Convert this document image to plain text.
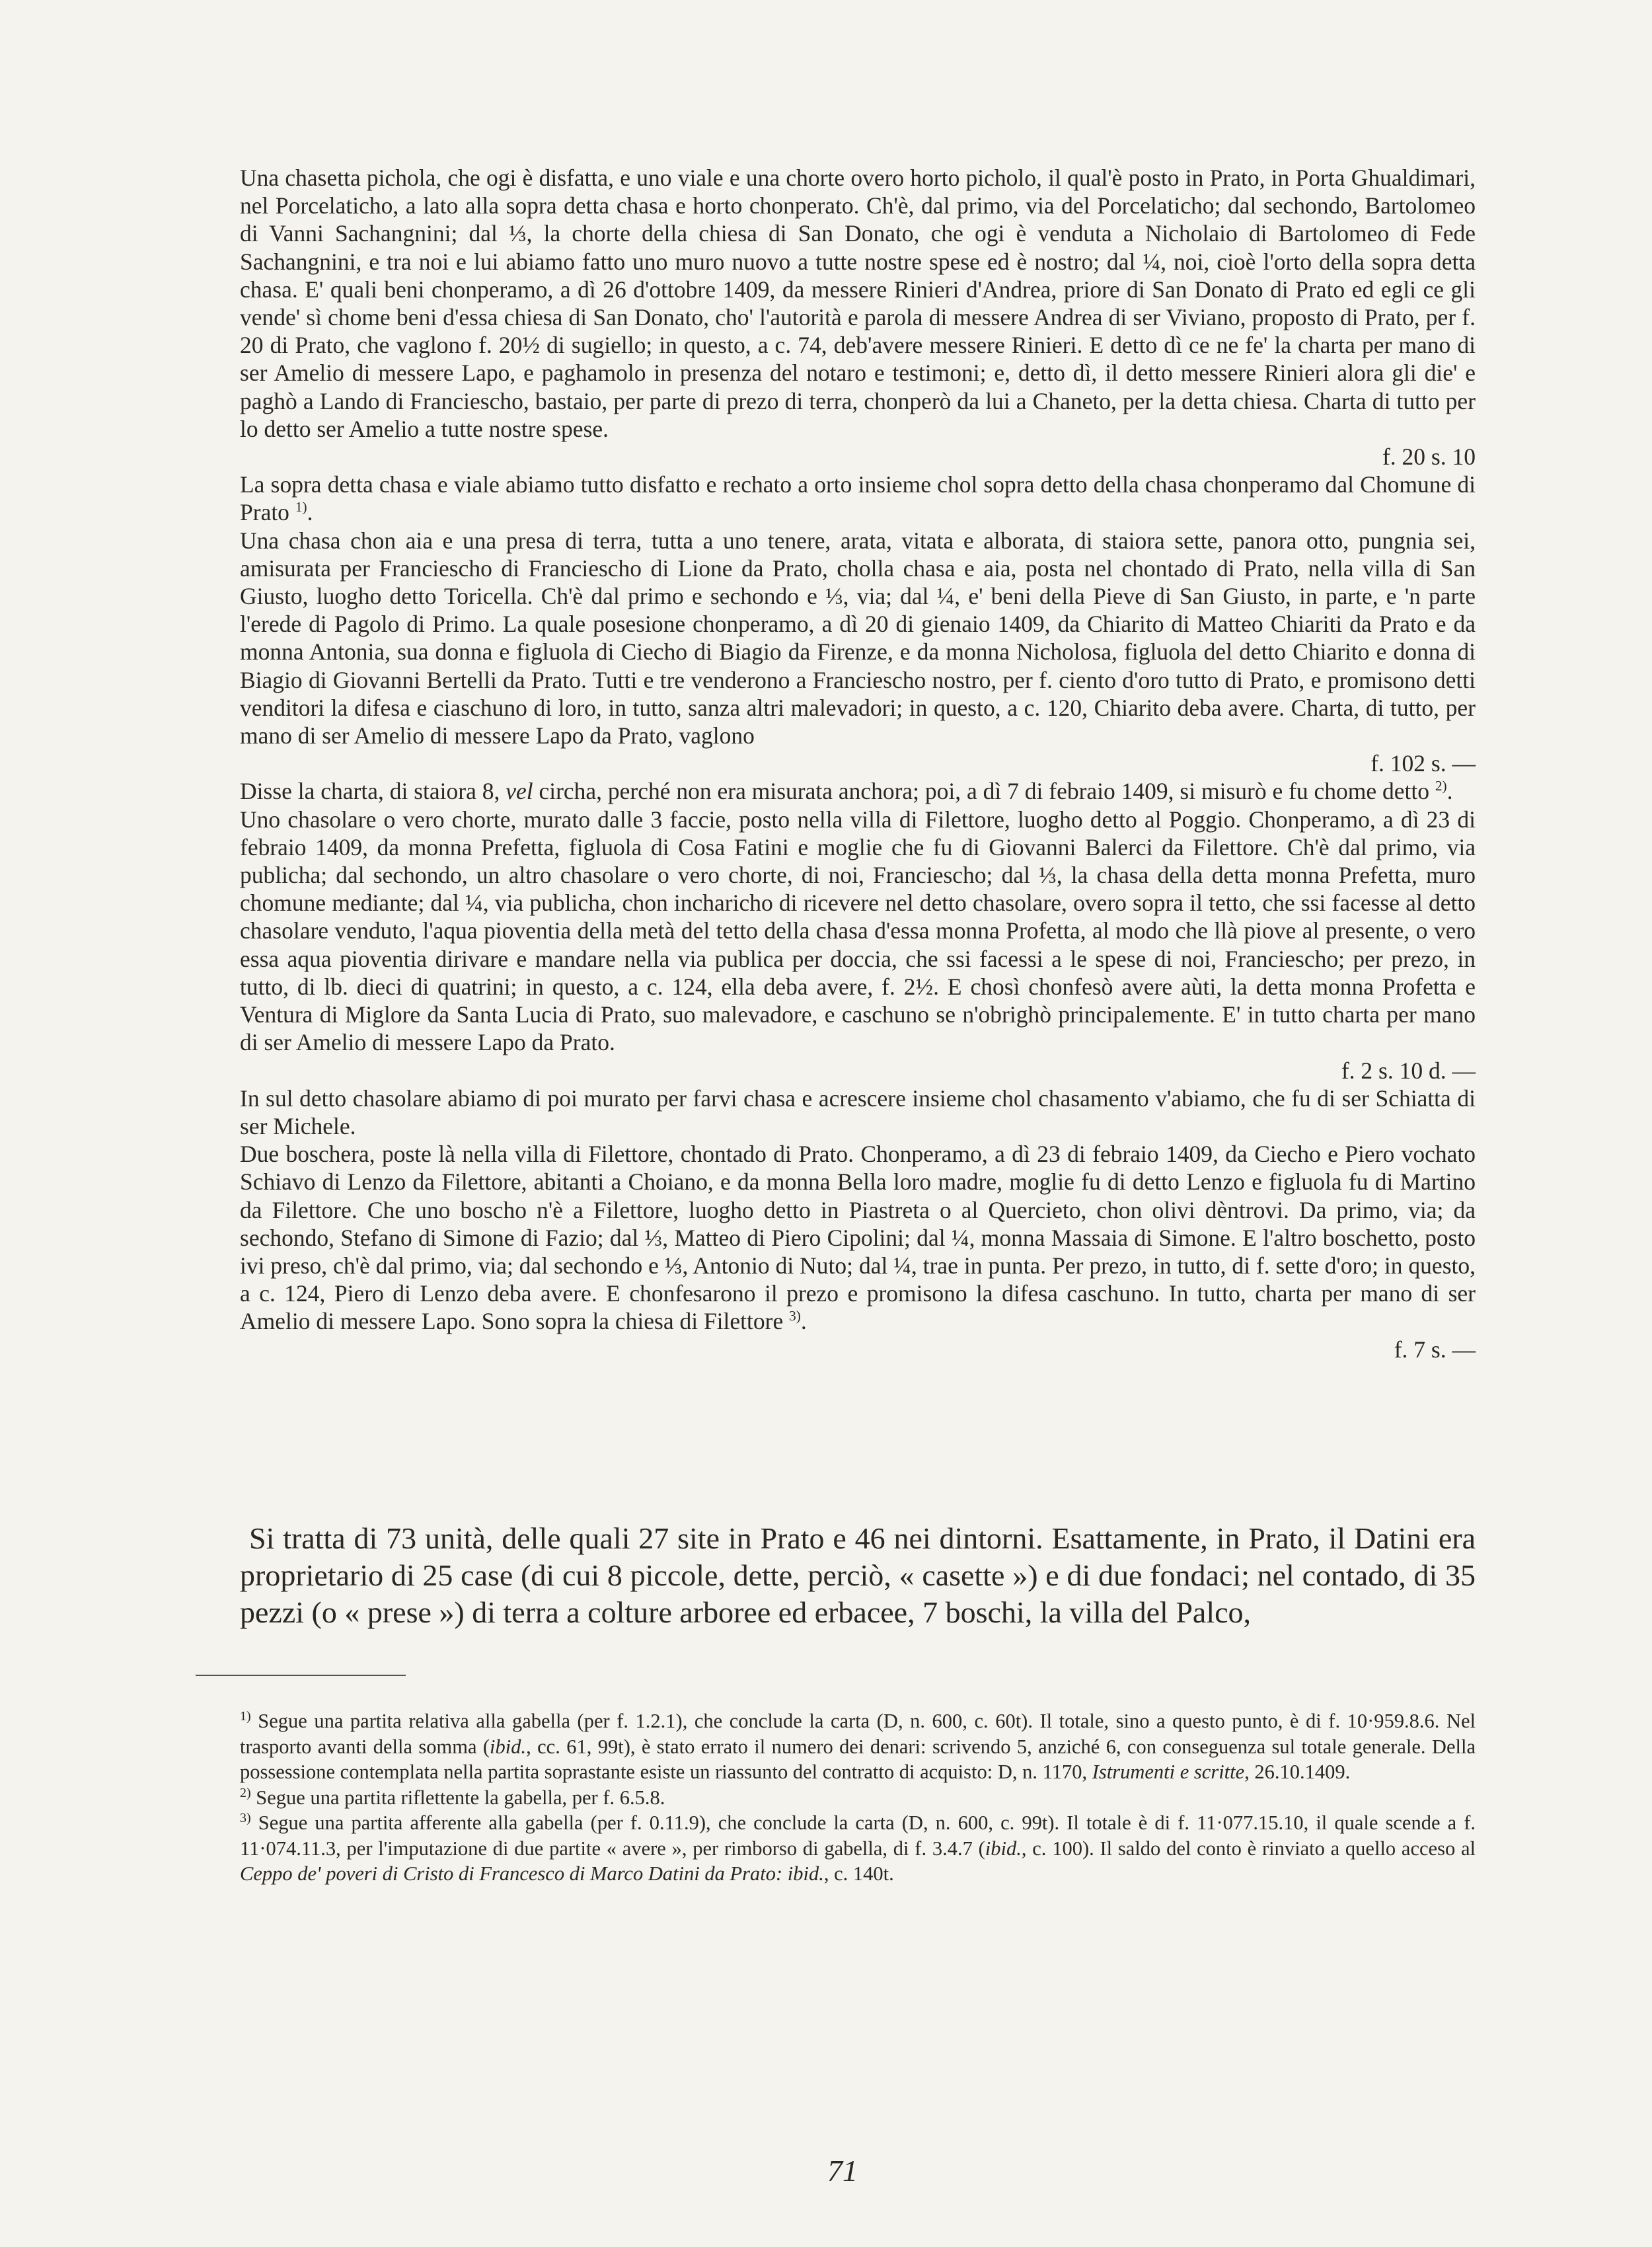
Una chasetta pichola, che ogi è disfatta, e uno viale e una chorte overo horto picholo, il qual'è posto in Prato, in Porta Ghualdimari, nel Porcelaticho, a lato alla sopra detta chasa e horto chonperato. Ch'è, dal primo, via del Porcelaticho; dal sechondo, Bartolomeo di Vanni Sachangnini; dal ⅓, la chorte della chiesa di San Donato, che ogi è venduta a Nicholaio di Bartolomeo di Fede Sachangnini, e tra noi e lui abiamo fatto uno muro nuovo a tutte nostre spese ed è nostro; dal ¼, noi, cioè l'orto della sopra detta chasa. E' quali beni chonperamo, a dì 26 d'ottobre 1409, da messere Rinieri d'Andrea, priore di San Donato di Prato ed egli ce gli vende' sì chome beni d'essa chiesa di San Donato, cho' l'autorità e parola di messere Andrea di ser Viviano, proposto di Prato, per f. 20 di Prato, che vaglono f. 20½ di sugiello; in questo, a c. 74, deb'avere messere Rinieri. E detto dì ce ne fe' la charta per mano di ser Amelio di messere Lapo, e paghamolo in presenza del notaro e testimoni; e, detto dì, il detto messere Rinieri alora gli die' e paghò a Lando di Franciescho, bastaio, per parte di prezo di terra, chonperò da lui a Chaneto, per la detta chiesa. Charta di tutto per lo detto ser Amelio a tutte nostre spese.
f. 20 s. 10

La sopra detta chasa e viale abiamo tutto disfatto e rechato a orto insieme chol sopra detto della chasa chonperamo dal Chomune di Prato $^{1)}$.

Una chasa chon aia e una presa di terra, tutta a uno tenere, arata, vitata e alborata, di staiora sette, panora otto, pungnia sei, amisurata per Franciescho di Franciescho di Lione da Prato, cholla chasa e aia, posta nel chontado di Prato, nella villa di San Giusto, luogho detto Toricella. Ch'è dal primo e sechondo e ⅓, via; dal ¼, e' beni della Pieve di San Giusto, in parte, e 'n parte l'erede di Pagolo di Primo. La quale posesione chonperamo, a dì 20 di gienaio 1409, da Chiarito di Matteo Chiariti da Prato e da monna Antonia, sua donna e figluola di Ciecho di Biagio da Firenze, e da monna Nicholosa, figluola del detto Chiarito e donna di Biagio di Giovanni Bertelli da Prato. Tutti e tre venderono a Franciescho nostro, per f. ciento d'oro tutto di Prato, e promisono detti venditori la difesa e ciaschuno di loro, in tutto, sanza altri malevadori; in questo, a c. 120, Chiarito deba avere. Charta, di tutto, per mano di ser Amelio di messere Lapo da Prato, vaglono
f. 102 s. —

Disse la charta, di staiora 8, vel circha, perché non era misurata anchora; poi, a dì 7 di febraio 1409, si misurò e fu chome detto $^{2)}$.

Uno chasolare o vero chorte, murato dalle 3 faccie, posto nella villa di Filettore, luogho detto al Poggio. Chonperamo, a dì 23 di febraio 1409, da monna Prefetta, figluola di Cosa Fatini e moglie che fu di Giovanni Balerci da Filettore. Ch'è dal primo, via publicha; dal sechondo, un altro chasolare o vero chorte, di noi, Franciescho; dal ⅓, la chasa della detta monna Prefetta, muro chomune mediante; dal ¼, via publicha, chon incharicho di ricevere nel detto chasolare, overo sopra il tetto, che ssi facesse al detto chasolare venduto, l'aqua pioventia della metà del tetto della chasa d'essa monna Profetta, al modo che llà piove al presente, o vero essa aqua pioventia dirivare e mandare nella via publica per doccia, che ssi facessi a le spese di noi, Franciescho; per prezo, in tutto, di lb. dieci di quatrini; in questo, a c. 124, ella deba avere, f. 2½. E chosì chonfesò avere aùti, la detta monna Profetta e Ventura di Miglore da Santa Lucia di Prato, suo malevadore, e caschuno se n'obrighò principalemente. E' in tutto charta per mano di ser Amelio di messere Lapo da Prato.
f. 2 s. 10 d. —

In sul detto chasolare abiamo di poi murato per farvi chasa e acrescere insieme chol chasamento v'abiamo, che fu di ser Schiatta di ser Michele.

Due boschera, poste là nella villa di Filettore, chontado di Prato. Chonperamo, a dì 23 di febraio 1409, da Ciecho e Piero vochato Schiavo di Lenzo da Filettore, abitanti a Choiano, e da monna Bella loro madre, moglie fu di detto Lenzo e figluola fu di Martino da Filettore. Che uno boscho n'è a Filettore, luogho detto in Piastreta o al Quercieto, chon olivi dèntrovi. Da primo, via; da sechondo, Stefano di Simone di Fazio; dal ⅓, Matteo di Piero Cipolini; dal ¼, monna Massaia di Simone. E l'altro boschetto, posto ivi preso, ch'è dal primo, via; dal sechondo e ⅓, Antonio di Nuto; dal ¼, trae in punta. Per prezo, in tutto, di f. sette d'oro; in questo, a c. 124, Piero di Lenzo deba avere. E chonfesarono il prezo e promisono la difesa caschuno. In tutto, charta per mano di ser Amelio di messere Lapo. Sono sopra la chiesa di Filettore $^{3)}$.
f. 7 s. —

Si tratta di 73 unità, delle quali 27 site in Prato e 46 nei dintorni. Esattamente, in Prato, il Datini era proprietario di 25 case (di cui 8 piccole, dette, perciò, « casette ») e di due fondaci; nel contado, di 35 pezzi (o « prese ») di terra a colture arboree ed erbacee, 7 boschi, la villa del Palco,

$^{1)}$ Segue una partita relativa alla gabella (per f. 1.2.1), che conclude la carta (D, n. 600, c. 60t). Il totale, sino a questo punto, è di f. 10·959.8.6. Nel trasporto avanti della somma (ibid., cc. 61, 99t), è stato errato il numero dei denari: scrivendo 5, anziché 6, con conseguenza sul totale generale. Della possessione contemplata nella partita soprastante esiste un riassunto del contratto di acquisto: D, n. 1170, Istrumenti e scritte, 26.10.1409.

$^{2)}$ Segue una partita riflettente la gabella, per f. 6.5.8.

$^{3)}$ Segue una partita afferente alla gabella (per f. 0.11.9), che conclude la carta (D, n. 600, c. 99t). Il totale è di f. 11·077.15.10, il quale scende a f. 11·074.11.3, per l'imputazione di due partite « avere », per rimborso di gabella, di f. 3.4.7 (ibid., c. 100). Il saldo del conto è rinviato a quello acceso al Ceppo de' poveri di Cristo di Francesco di Marco Datini da Prato: ibid., c. 140t.

71
